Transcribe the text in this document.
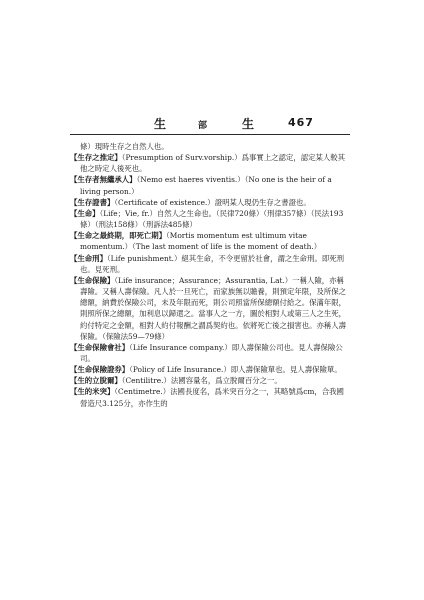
生	部	生	467

條）現時生存之自然人也。

【生存之推定】（Presumption of Surv.vorship.）爲事實上之認定，認定某人較其他之時定人後死也。

【生存者無繼承人】（Nemo est haeres viventis.）（No one is the heir of a living person.）

【生存證書】（Certificate of existence.）證明某人現仍生存之書證也。

【生命】（Life；Vie, fr.）自然人之生命也。（民律720條）（刑律357條）（民法193條）（刑法158條）（刑訴法485條）

【生命之最終期，即死亡期】（Mortis momentum est ultimum vitae momentum.）（The last moment of life is the moment of death.）

【生命刑】（Life punishment.）絕其生命，不令更留於社會，謂之生命刑。即死刑也。見死刑。

【生命保險】（Life insurance；Assurance；Assurantia, Lat.）一稱人險，亦稱壽險。又稱人壽保險。凡人於一旦死亡，而家族無以贍養，則預定年限，及所保之總額，納費於保險公司，未及年限而死，則公司照當所保總額付給之。保滿年限，則照所保之總額，加利息以歸還之。當事人之一方，圖於相對人或第三人之生死，約付特定之金額，相對人約付報酬之謂爲契約也。依將死亡後之損害也。亦稱人壽保險。（保險法59—79條）

【生命保險會社】（Life Insurance company.）即人壽保險公司也。見人壽保險公司。

【生命保險證券】（Policy of Life Insurance.）即人壽保險單也。見人壽保險單。

【生的立脫爾】（Centilitre.）法國容量名，爲立脫爾百分之一。

【生的米突】（Centimetre.）法國長度名，爲米突百分之一，其略號爲cm，合我國營造尺3.125分，亦作生的
